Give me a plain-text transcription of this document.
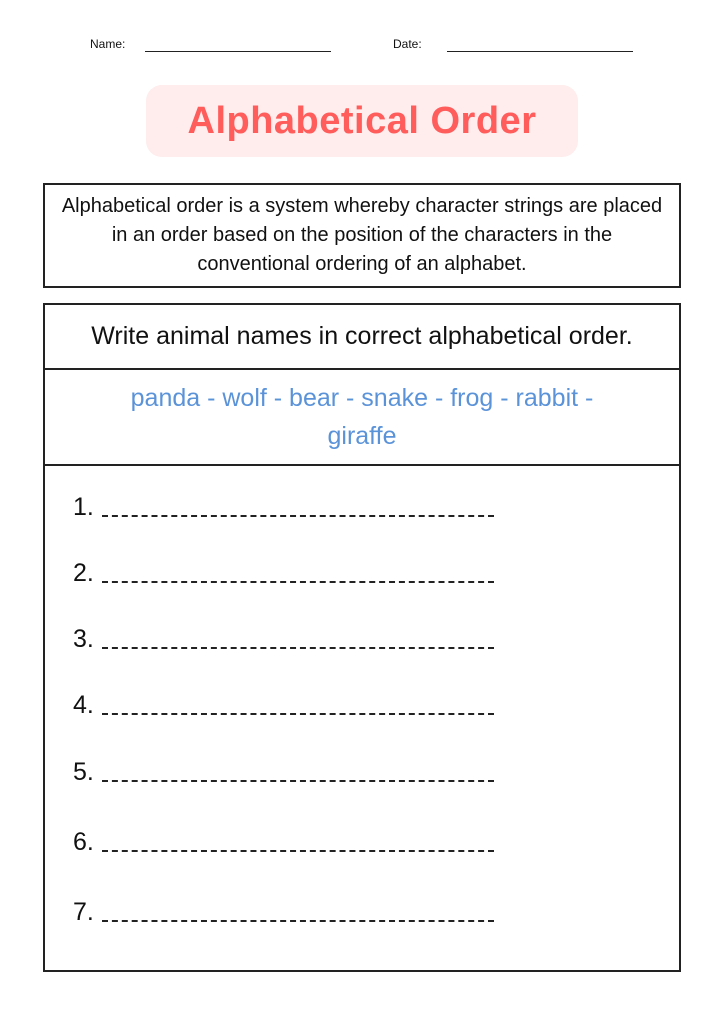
Name:	Date:
Alphabetical Order

Alphabetical order is a system whereby character strings are placed in an order based on the position of the characters in the conventional ordering of an alphabet.

Write animal names in correct alphabetical order.
panda - wolf - bear - snake - frog - rabbit - giraffe
1.
2.
3.
4.
5.
6.
7.
